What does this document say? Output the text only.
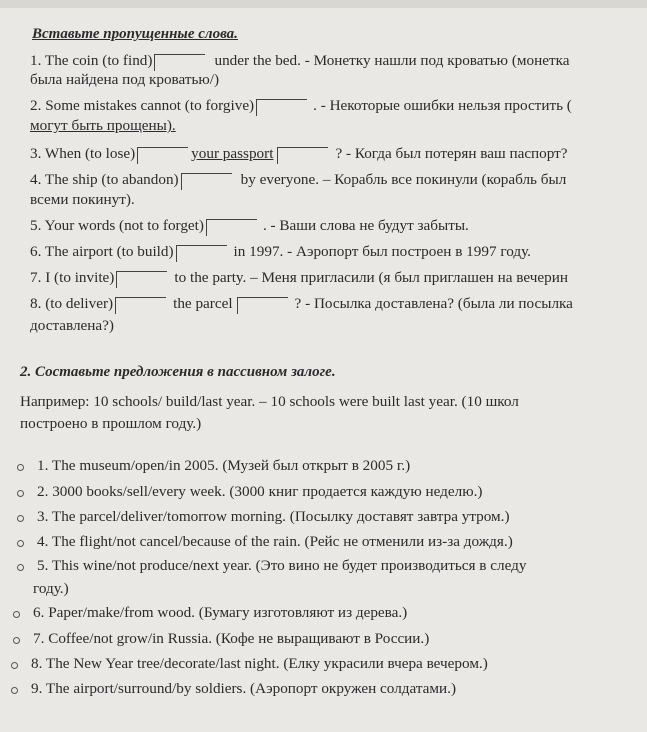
Вставьте пропущенные слова.
1. The coin (to find)	under the bed. - Монетку нашли под кроватью (монетка
была найдена под кроватью/)
2. Some mistakes cannot (to forgive)	. - Некоторые ошибки нельзя простить (
могут быть прощены).
3. When (to lose)	your passport	? - Когда был потерян ваш паспорт?
4. The ship (to abandon)	by everyone. – Корабль все покинули (корабль был
всеми покинут).
5. Your words (not to forget)	. - Ваши слова не будут забыты.
6. The airport (to build)	in 1997. - Аэропорт был построен в 1997 году.
7. I (to invite)	to the party. – Меня пригласили (я был приглашен на вечерин
8. (to deliver)	the parcel	? - Посылка доставлена? (была ли посылка
доставлена?)
2. Составьте предложения в пассивном залоге.
Например: 10 schools/ build/last year. – 10 schools were built last year. (10 школ
построено в прошлом году.)
1. The museum/open/in 2005. (Музей был открыт в 2005 г.)
2. 3000 books/sell/every week. (3000 книг продается каждую неделю.)
3. The parcel/deliver/tomorrow morning. (Посылку доставят завтра утром.)
4. The flight/not cancel/because of the rain. (Рейс не отменили из-за дождя.)
5. This wine/not produce/next year. (Это вино не будет производиться в следу
году.)
6. Paper/make/from wood. (Бумагу изготовляют из дерева.)
7. Coffee/not grow/in Russia. (Кофе не выращивают в России.)
8. The New Year tree/decorate/last night. (Елку украсили вчера вечером.)
9. The airport/surround/by soldiers. (Аэропорт окружен солдатами.)
